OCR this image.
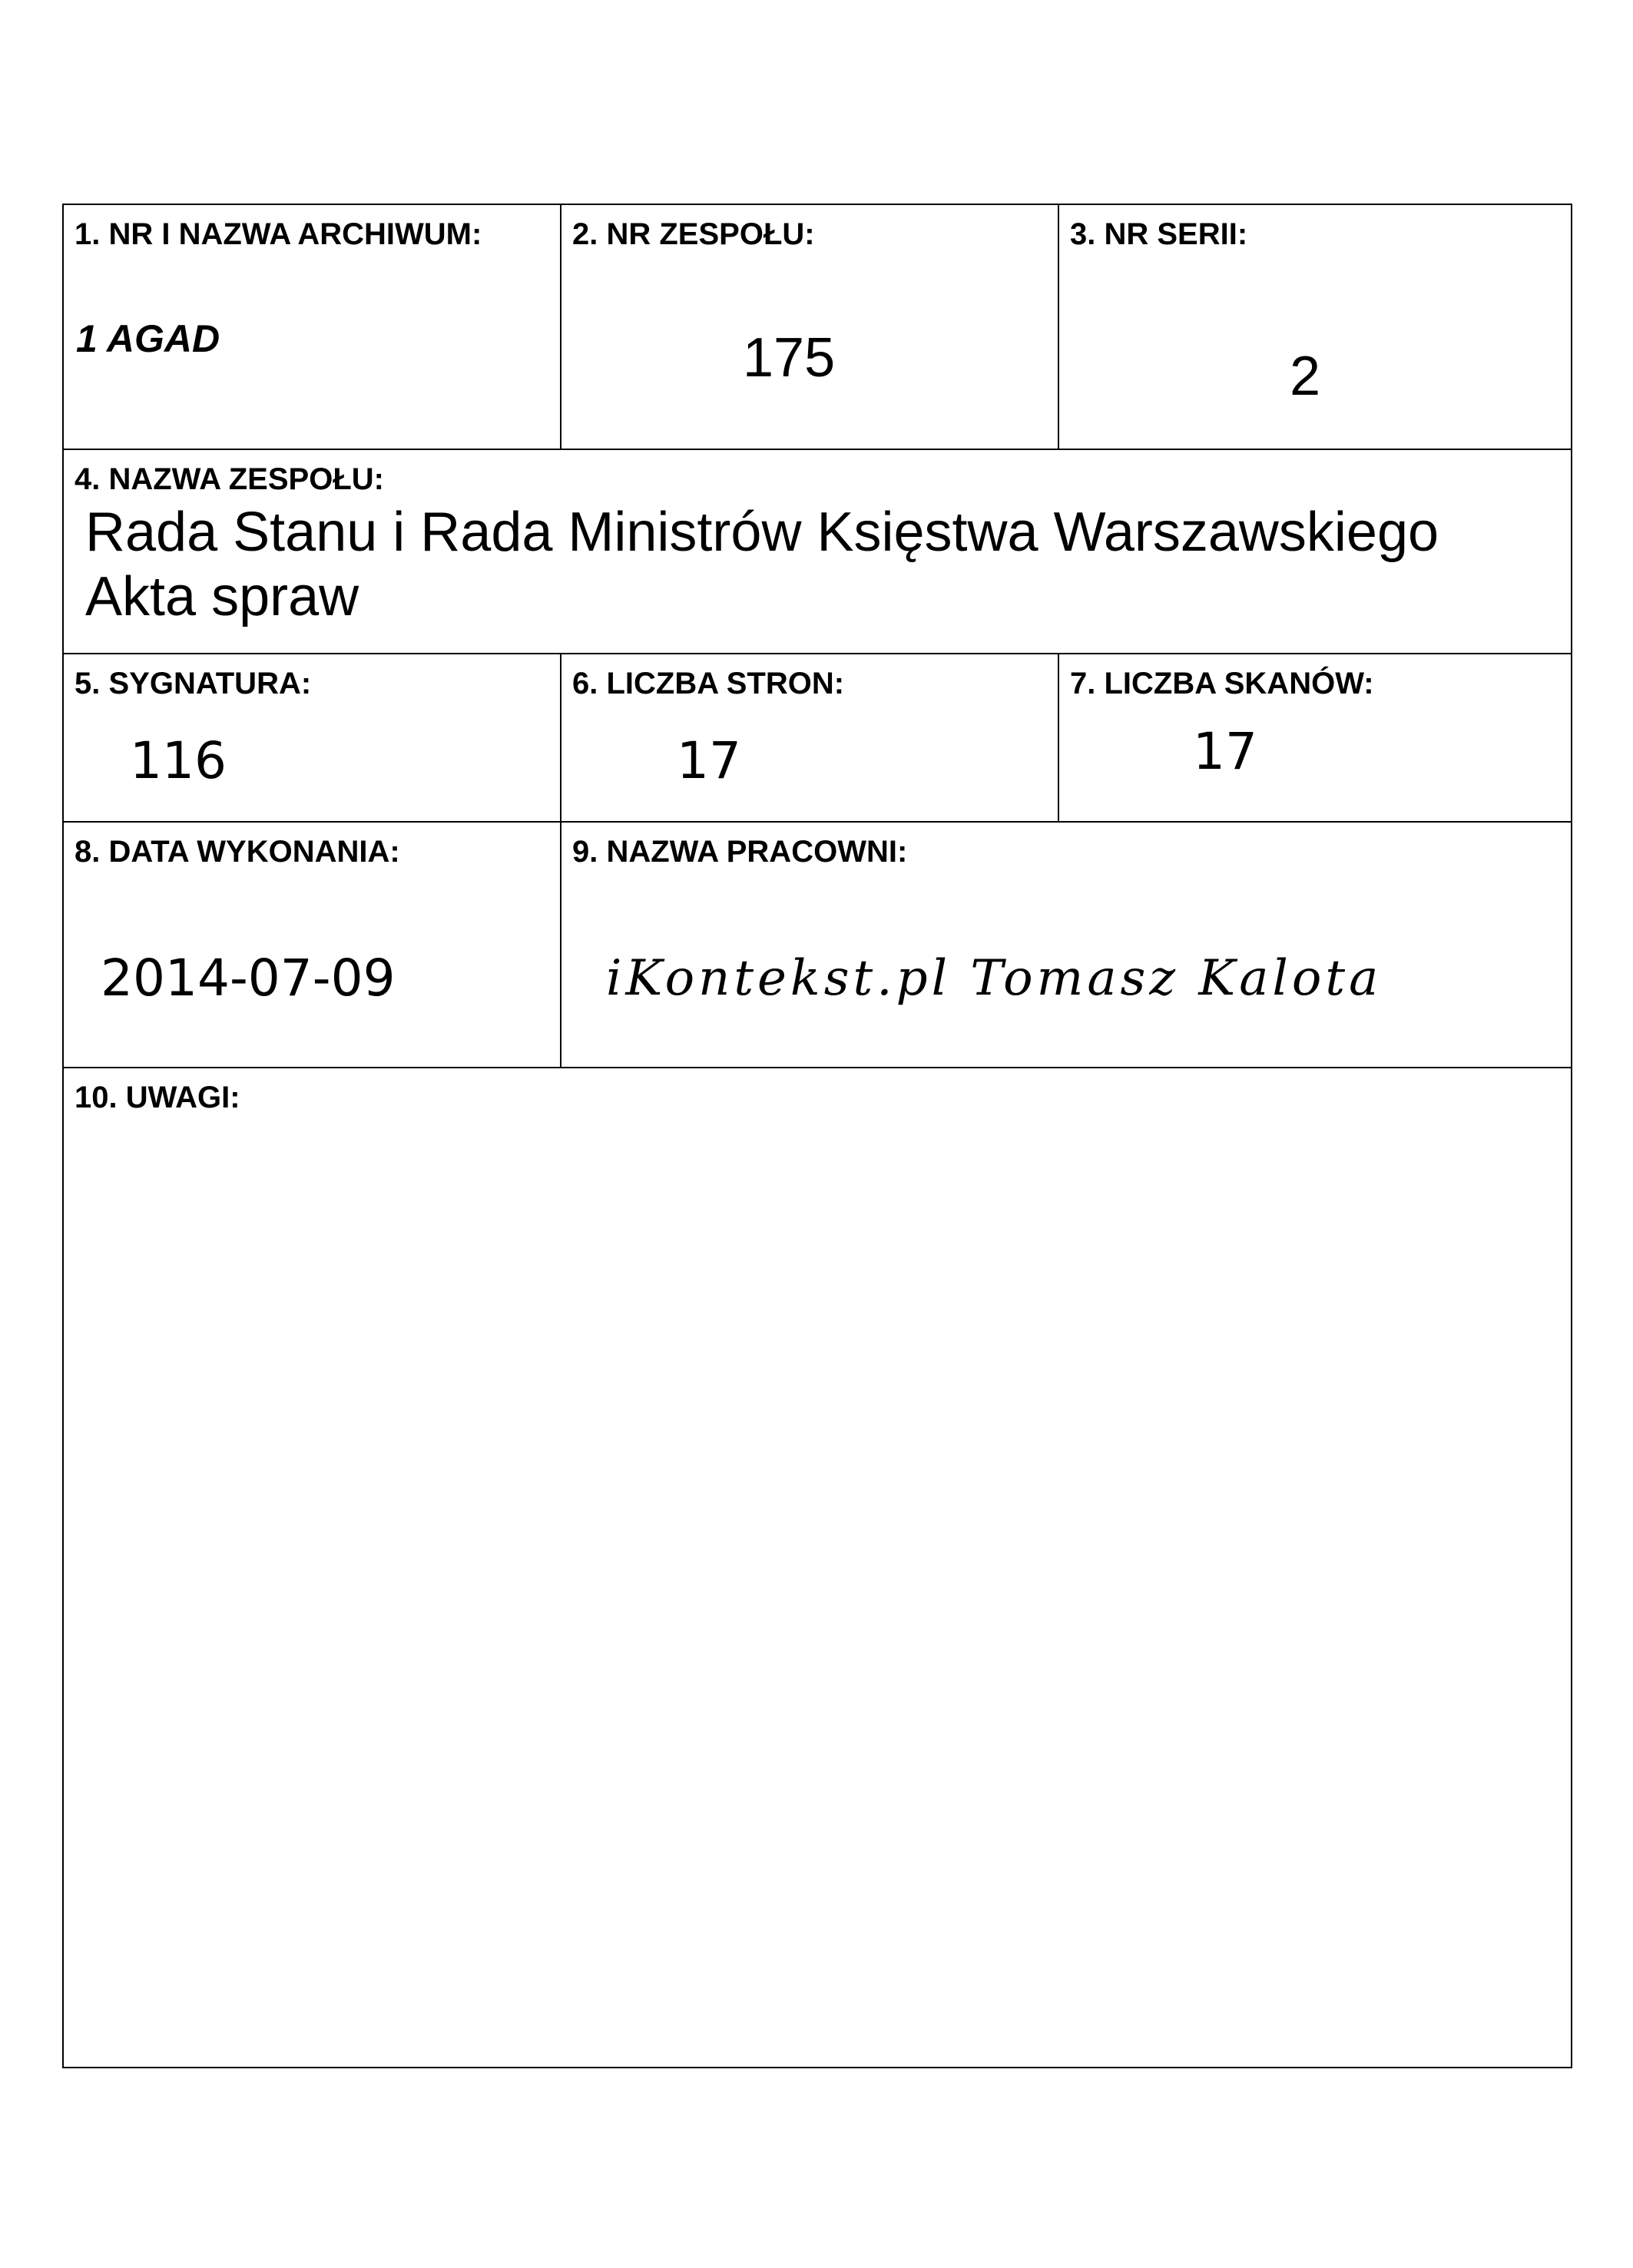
1. NR I NAZWA ARCHIWUM:
1 AGAD
2. NR ZESPOŁU:
175
3. NR SERII:
2
4. NAZWA ZESPOŁU:
Rada Stanu i Rada Ministrów Księstwa Warszawskiego
Akta spraw
5. SYGNATURA:
116
6. LICZBA STRON:
17
7. LICZBA SKANÓW:
17
8. DATA WYKONANIA:
2014-07-09
9. NAZWA PRACOWNI:
iKontekst.pl Tomasz Kalota
10. UWAGI:
